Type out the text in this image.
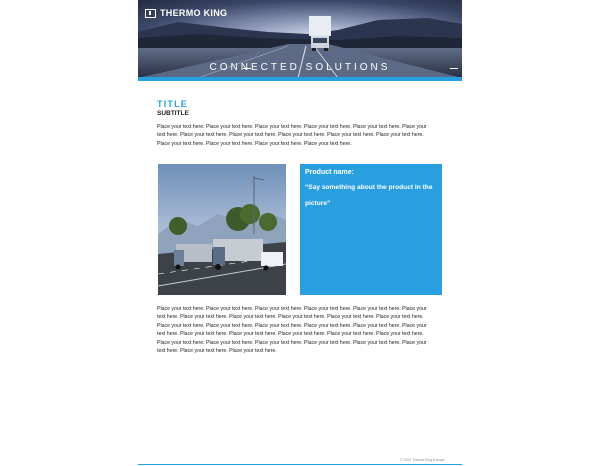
THERMO KING
CONNECTED SOLUTIONS
TITLE
SUBTITLE
Place your text here. Place your text here. Place your text here. Place your text here. Place your text here. Place your text here. Place your text here. Place your text here. Place your text here. Place your text here. Place your text here. Place your text here. Place your text here. Place your text here. Place your text here.
Product name:
“Say something about the product in the picture”
Place your text here. Place your text here. Place your text here. Place your text here. Place your text here. Place your text here. Place your text here. Place your text here. Place your text here. Place your text here. Place your text here. Place your text here. Place your text here. Place your text here. Place your text here. Place your text here. Place your text here. Place your text here. Place your text here. Place your text here. Place your text here. Place your text here. Place your text here. Place your text here. Place your text here. Place your text here. Place your text here. Place your text here. Place your text here. Place your text here.
© 2021 Thermo King Europe
